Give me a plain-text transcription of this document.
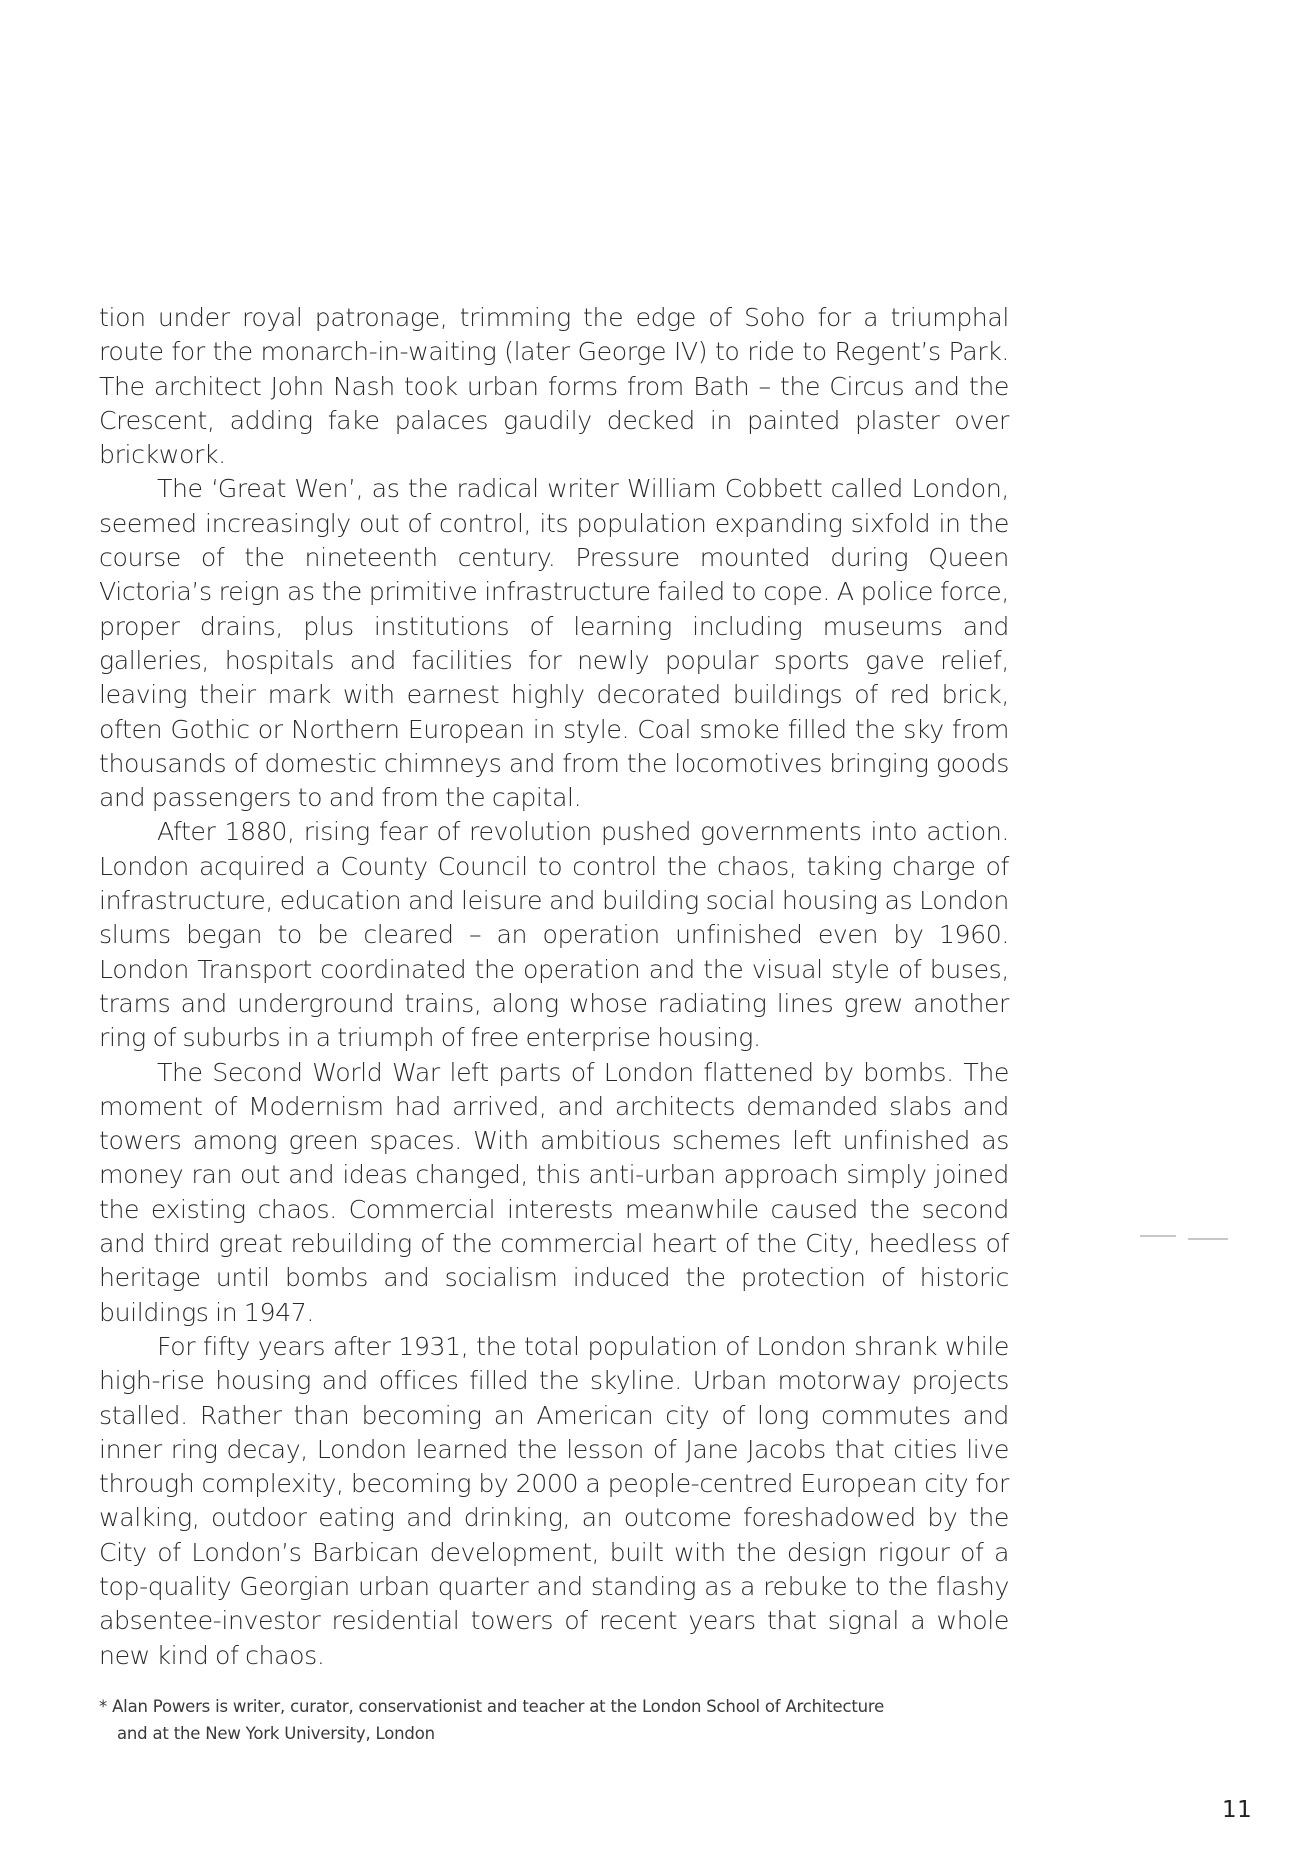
tion under royal patronage, trimming the edge of Soho for a triumphal route for the monarch-in-waiting (later George IV) to ride to Regent’s Park. The architect John Nash took urban forms from Bath – the Circus and the Crescent, adding fake palaces gaudily decked in painted plaster over brickwork.

The ‘Great Wen’, as the radical writer William Cobbett called London, seemed increasingly out of control, its population expanding sixfold in the course of the nineteenth century. Pressure mounted during Queen Victoria’s reign as the primitive infrastructure failed to cope. A police force, proper drains, plus institutions of learning including museums and galleries, hospitals and facilities for newly popular sports gave relief, leaving their mark with earnest highly decorated buildings of red brick, often Gothic or Northern European in style. Coal smoke filled the sky from thousands of domestic chimneys and from the locomotives bringing goods and passengers to and from the capital.

After 1880, rising fear of revolution pushed governments into action. London acquired a County Council to control the chaos, taking charge of infrastructure, education and leisure and building social housing as London slums began to be cleared – an operation unfinished even by 1960. London Transport coordinated the operation and the visual style of buses, trams and underground trains, along whose radiating lines grew another ring of suburbs in a triumph of free enterprise housing.

The Second World War left parts of London flattened by bombs. The moment of Modernism had arrived, and architects demanded slabs and towers among green spaces. With ambitious schemes left unfinished as money ran out and ideas changed, this anti-urban approach simply joined the existing chaos. Commercial interests meanwhile caused the second and third great rebuilding of the commercial heart of the City, heedless of heritage until bombs and socialism induced the protection of historic buildings in 1947.

For fifty years after 1931, the total population of London shrank while high-rise housing and offices filled the skyline. Urban motorway projects stalled. Rather than becoming an American city of long commutes and inner ring decay, London learned the lesson of Jane Jacobs that cities live through complexity, becoming by 2000 a people-centred European city for walking, outdoor eating and drinking, an outcome foreshadowed by the City of London’s Barbican development, built with the design rigour of a top-quality Georgian urban quarter and standing as a rebuke to the flashy absentee-investor residential towers of recent years that signal a whole new kind of chaos.

* Alan Powers is writer, curator, conservationist and teacher at the London School of Architecture
and at the New York University, London
11
